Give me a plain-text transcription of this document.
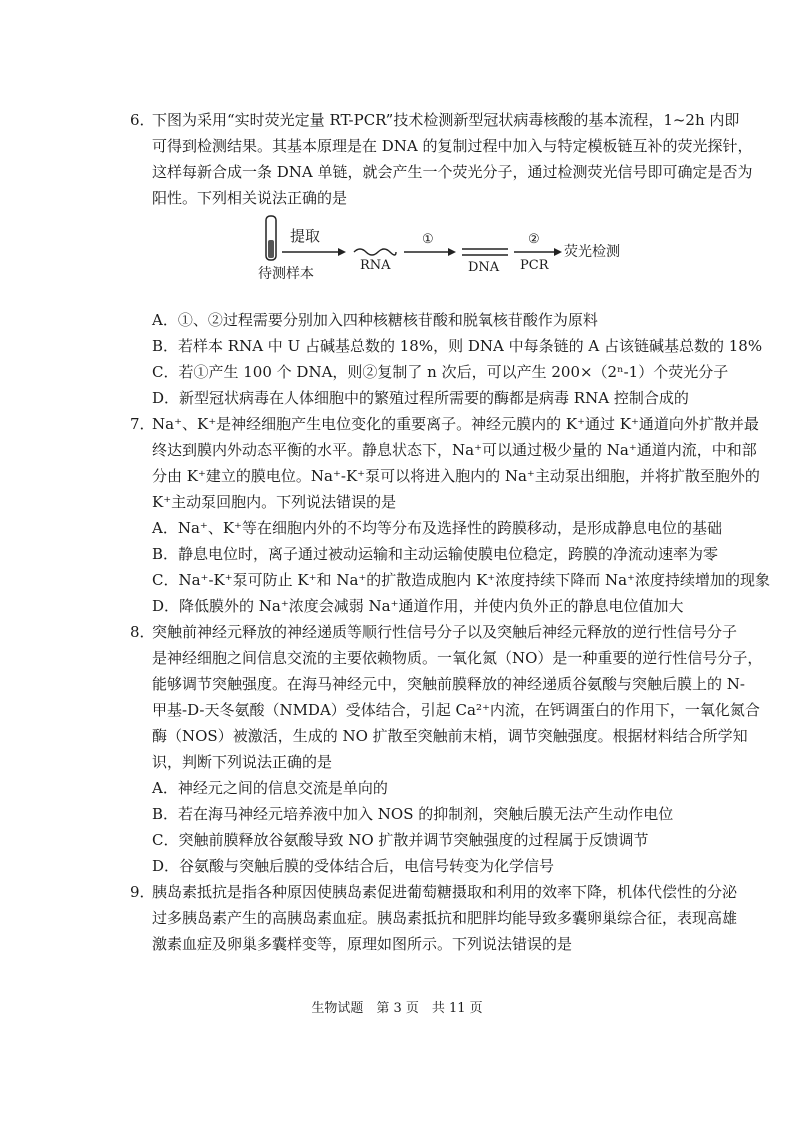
6．
下图为采用“实时荧光定量 RT-PCR”技术检测新型冠状病毒核酸的基本流程，1~2h 内即
可得到检测结果。其基本原理是在 DNA 的复制过程中加入与特定模板链互补的荧光探针，
这样每新合成一条 DNA 单链，就会产生一个荧光分子，通过检测荧光信号即可确定是否为
阳性。下列相关说法正确的是
提取
待测样本
RNA
①
DNA
②
PCR
荧光检测
A．①、②过程需要分别加入四种核糖核苷酸和脱氧核苷酸作为原料
B．若样本 RNA 中 U 占碱基总数的 18%，则 DNA 中每条链的 A 占该链碱基总数的 18%
C．若①产生 100 个 DNA，则②复制了 n 次后，可以产生 200×（2ⁿ-1）个荧光分子
D．新型冠状病毒在人体细胞中的繁殖过程所需要的酶都是病毒 RNA 控制合成的
7．
Na⁺、K⁺是神经细胞产生电位变化的重要离子。神经元膜内的 K⁺通过 K⁺通道向外扩散并最
终达到膜内外动态平衡的水平。静息状态下，Na⁺可以通过极少量的 Na⁺通道内流，中和部
分由 K⁺建立的膜电位。Na⁺-K⁺泵可以将进入胞内的 Na⁺主动泵出细胞，并将扩散至胞外的
K⁺主动泵回胞内。下列说法错误的是
A．Na⁺、K⁺等在细胞内外的不均等分布及选择性的跨膜移动，是形成静息电位的基础
B．静息电位时，离子通过被动运输和主动运输使膜电位稳定，跨膜的净流动速率为零
C．Na⁺-K⁺泵可防止 K⁺和 Na⁺的扩散造成胞内 K⁺浓度持续下降而 Na⁺浓度持续增加的现象
D．降低膜外的 Na⁺浓度会减弱 Na⁺通道作用，并使内负外正的静息电位值加大
8．
突触前神经元释放的神经递质等顺行性信号分子以及突触后神经元释放的逆行性信号分子
是神经细胞之间信息交流的主要依赖物质。一氧化氮（NO）是一种重要的逆行性信号分子，
能够调节突触强度。在海马神经元中，突触前膜释放的神经递质谷氨酸与突触后膜上的 N-
甲基-D-天冬氨酸（NMDA）受体结合，引起 Ca²⁺内流，在钙调蛋白的作用下，一氧化氮合
酶（NOS）被激活，生成的 NO 扩散至突触前末梢，调节突触强度。根据材料结合所学知
识，判断下列说法正确的是
A．神经元之间的信息交流是单向的
B．若在海马神经元培养液中加入 NOS 的抑制剂，突触后膜无法产生动作电位
C．突触前膜释放谷氨酸导致 NO 扩散并调节突触强度的过程属于反馈调节
D．谷氨酸与突触后膜的受体结合后，电信号转变为化学信号
9．
胰岛素抵抗是指各种原因使胰岛素促进葡萄糖摄取和利用的效率下降，机体代偿性的分泌
过多胰岛素产生的高胰岛素血症。胰岛素抵抗和肥胖均能导致多囊卵巢综合征，表现高雄
激素血症及卵巢多囊样变等，原理如图所示。下列说法错误的是
生物试题　第 3 页　共 11 页
